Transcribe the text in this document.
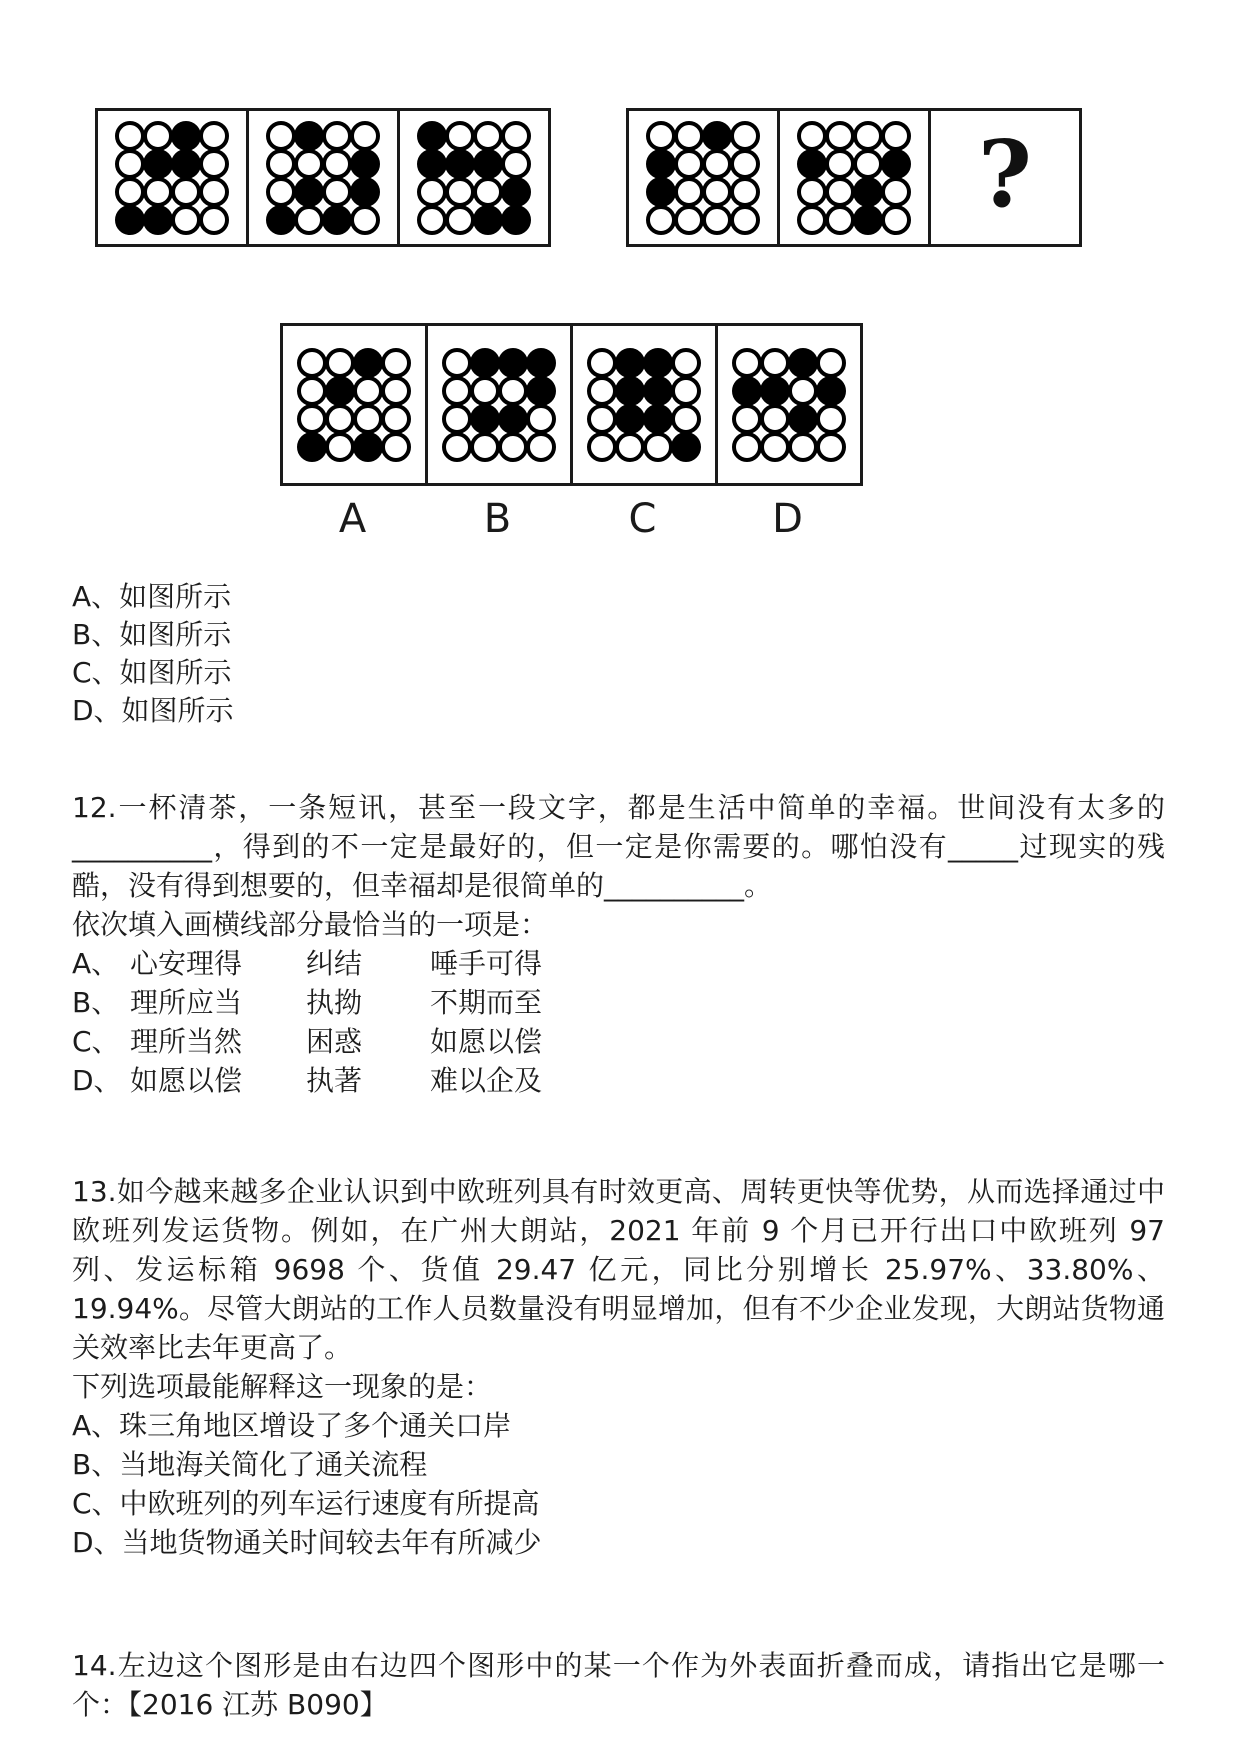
?
A	B	C	D
A、如图所示
B、如图所示
C、如图所示
D、如图所示

12.一杯清茶，一条短讯，甚至一段文字，都是生活中简单的幸福。世间没有太多的__________，得到的不一定是最好的，但一定是你需要的。哪怕没有_____过现实的残酷，没有得到想要的，但幸福却是很简单的__________。

依次填入画横线部分最恰当的一项是：

A、 心安理得	纠结	唾手可得
B、 理所应当	执拗	不期而至
C、 理所当然	困惑	如愿以偿
D、 如愿以偿	执著	难以企及

13.如今越来越多企业认识到中欧班列具有时效更高、周转更快等优势，从而选择通过中欧班列发运货物。例如，在广州大朗站，2021 年前 9 个月已开行出口中欧班列 97 列、发运标箱 9698 个、货值 29.47 亿元，同比分别增长 25.97%、33.80%、19.94%。尽管大朗站的工作人员数量没有明显增加，但有不少企业发现，大朗站货物通关效率比去年更高了。

下列选项最能解释这一现象的是：

A、珠三角地区增设了多个通关口岸
B、当地海关简化了通关流程
C、中欧班列的列车运行速度有所提高
D、当地货物通关时间较去年有所减少

14.左边这个图形是由右边四个图形中的某一个作为外表面折叠而成，请指出它是哪一个：【2016 江苏 B090】
